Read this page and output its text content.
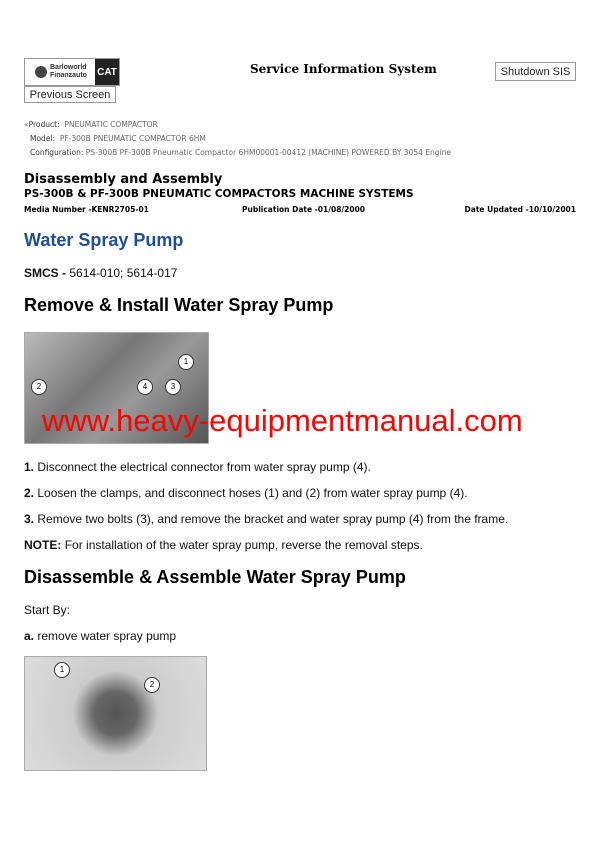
Barloworld
Finanzauto	CAT
Previous Screen
Service Information System	Shutdown SIS
«Product: PNEUMATIC COMPACTOR
Model: PF-300B PNEUMATIC COMPACTOR 6HM
Configuration: PS-300B PF-300B Pneumatic Compactor 6HM00001-00412 (MACHINE) POWERED BY 3054 Engine
Disassembly and Assembly
PS-300B & PF-300B PNEUMATIC COMPACTORS MACHINE SYSTEMS
Media Number -KENR2705-01	Publication Date -01/08/2000	Date Updated -10/10/2001
Water Spray Pump
SMCS - 5614-010; 5614-017
Remove & Install Water Spray Pump
1
2	3
4
www.heavy-equipmentmanual.com
1. Disconnect the electrical connector from water spray pump (4).
2. Loosen the clamps, and disconnect hoses (1) and (2) from water spray pump (4).
3. Remove two bolts (3), and remove the bracket and water spray pump (4) from the frame.
NOTE: For installation of the water spray pump, reverse the removal steps.
Disassemble & Assemble Water Spray Pump
Start By:
a. remove water spray pump
1
2
